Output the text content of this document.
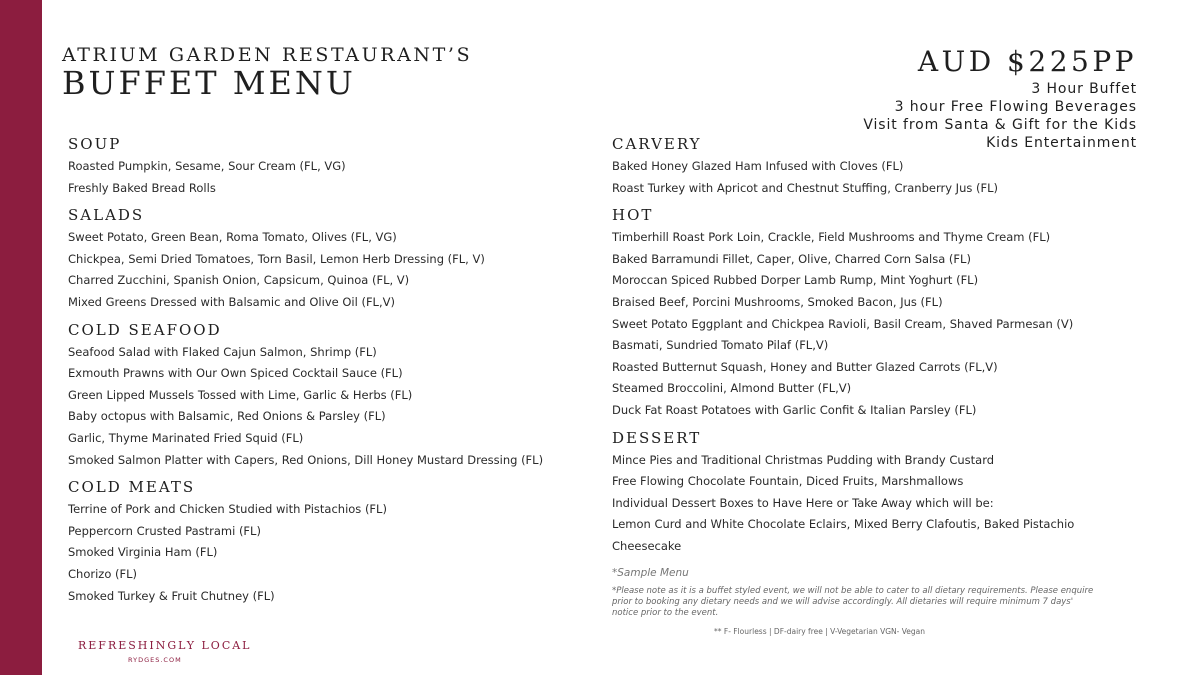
ATRIUM GARDEN RESTAURANT’S
BUFFET MENU
AUD $225PP
3 Hour Buffet
3 hour Free Flowing Beverages
Visit from Santa & Gift for the Kids
Kids Entertainment
SOUP
Roasted Pumpkin, Sesame, Sour Cream (FL, VG)
Freshly Baked Bread Rolls
SALADS
Sweet Potato, Green Bean, Roma Tomato, Olives (FL, VG)
Chickpea, Semi Dried Tomatoes, Torn Basil, Lemon Herb Dressing (FL, V)
Charred Zucchini, Spanish Onion, Capsicum, Quinoa (FL, V)
Mixed Greens Dressed with Balsamic and Olive Oil (FL,V)
COLD SEAFOOD
Seafood Salad with Flaked Cajun Salmon, Shrimp (FL)
Exmouth Prawns with Our Own Spiced Cocktail Sauce (FL)
Green Lipped Mussels Tossed with Lime, Garlic & Herbs (FL)
Baby octopus with Balsamic, Red Onions & Parsley (FL)
Garlic, Thyme Marinated Fried Squid (FL)
Smoked Salmon Platter with Capers, Red Onions, Dill Honey Mustard Dressing (FL)
COLD MEATS
Terrine of Pork and Chicken Studied with Pistachios (FL)
Peppercorn Crusted Pastrami (FL)
Smoked Virginia Ham (FL)
Chorizo (FL)
Smoked Turkey & Fruit Chutney (FL)
CARVERY
Baked Honey Glazed Ham Infused with Cloves (FL)
Roast Turkey with Apricot and Chestnut Stuffing, Cranberry Jus (FL)
HOT
Timberhill Roast Pork Loin, Crackle, Field Mushrooms and Thyme Cream (FL)
Baked Barramundi Fillet, Caper, Olive, Charred Corn Salsa (FL)
Moroccan Spiced Rubbed Dorper Lamb Rump, Mint Yoghurt (FL)
Braised Beef, Porcini Mushrooms, Smoked Bacon, Jus (FL)
Sweet Potato Eggplant and Chickpea Ravioli, Basil Cream, Shaved Parmesan (V)
Basmati, Sundried Tomato Pilaf (FL,V)
Roasted Butternut Squash, Honey and Butter Glazed Carrots (FL,V)
Steamed Broccolini, Almond Butter (FL,V)
Duck Fat Roast Potatoes with Garlic Confit & Italian Parsley (FL)
DESSERT
Mince Pies and Traditional Christmas Pudding with Brandy Custard
Free Flowing Chocolate Fountain, Diced Fruits, Marshmallows
Individual Dessert Boxes to Have Here or Take Away which will be:
Lemon Curd and White Chocolate Eclairs, Mixed Berry Clafoutis, Baked Pistachio
Cheesecake
*Sample Menu
*Please note as it is a buffet styled event, we will not be able to cater to all dietary requirements. Please enquire
prior to booking any dietary needs and we will advise accordingly. All dietaries will require minimum 7 days'
notice prior to the event.
** F- Flourless | DF-dairy free | V-Vegetarian VGN- Vegan
REFRESHINGLY LOCAL
RYDGES.COM
